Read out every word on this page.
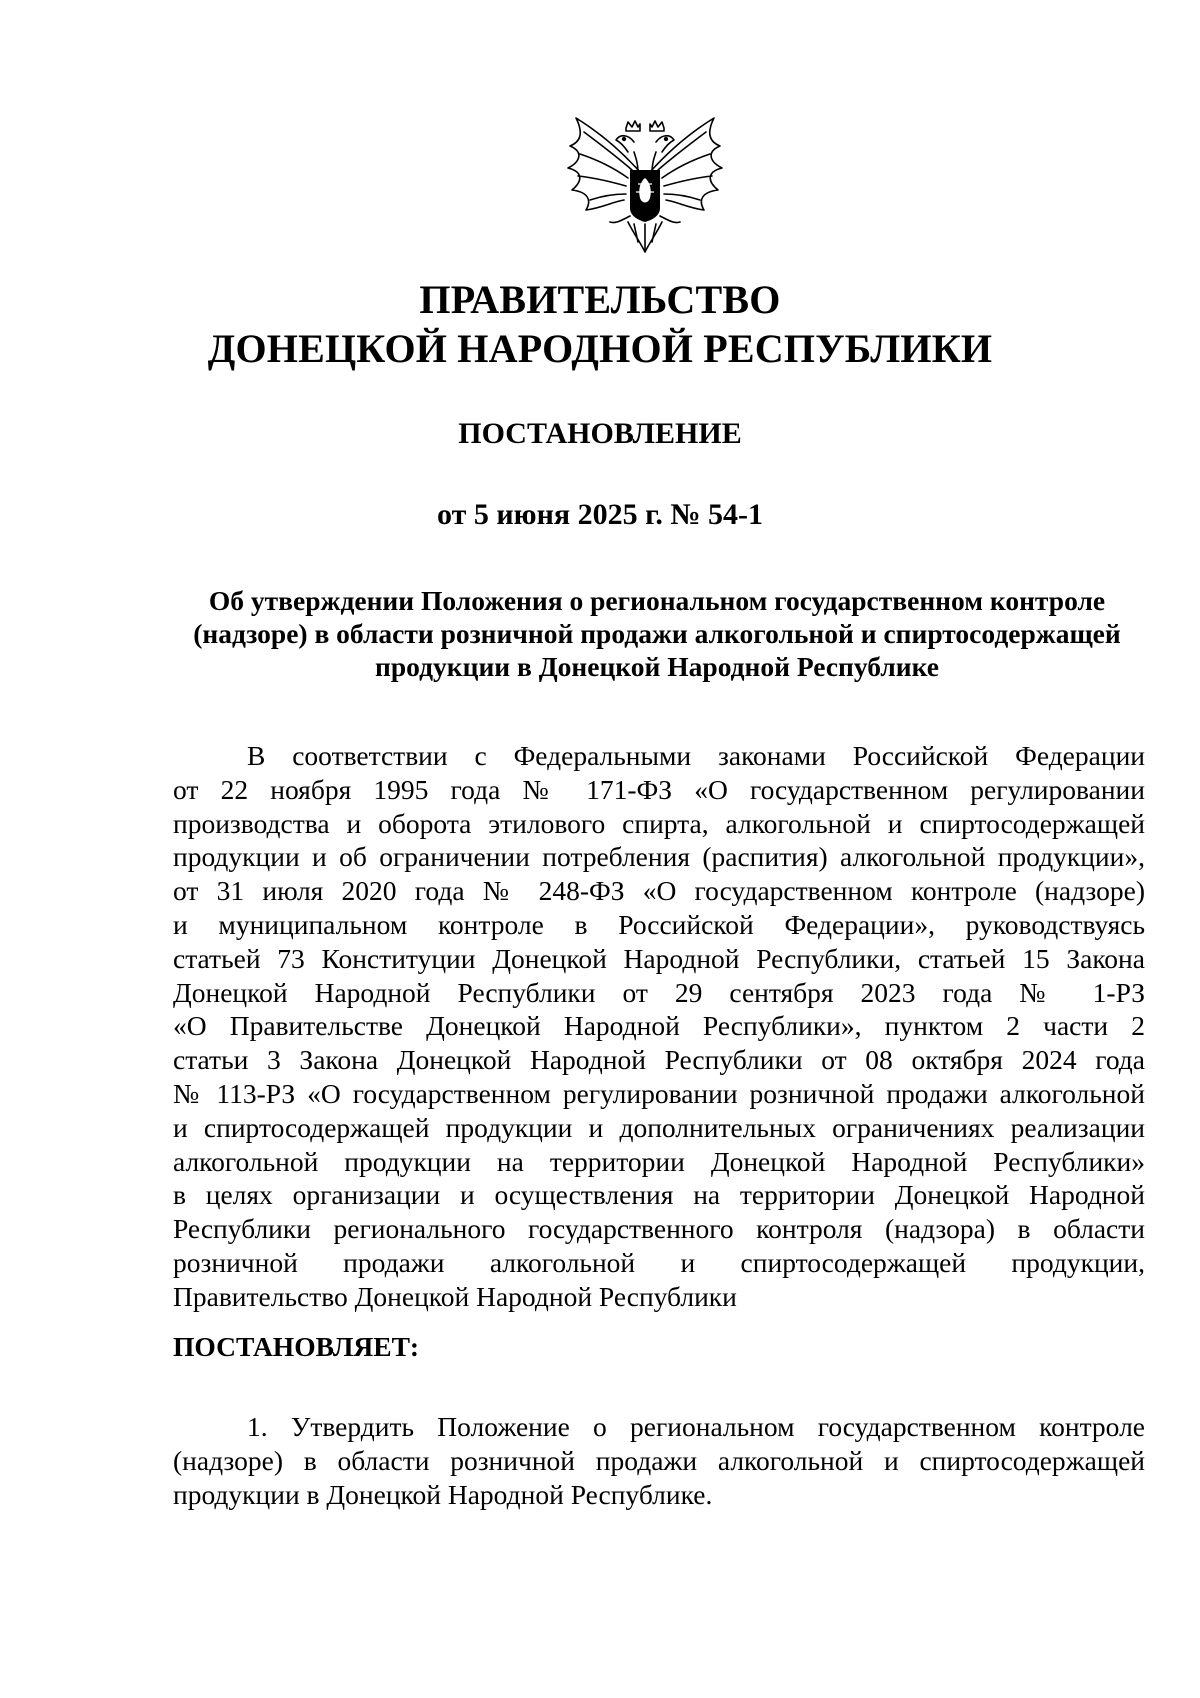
ПРАВИТЕЛЬСТВО
ДОНЕЦКОЙ НАРОДНОЙ РЕСПУБЛИКИ
ПОСТАНОВЛЕНИЕ
от 5 июня 2025 г. № 54-1
Об утверждении Положения о региональном государственном контроле
(надзоре) в области розничной продажи алкогольной и спиртосодержащей
продукции в Донецкой Народной Республике
В соответствии с Федеральными законами Российской Федерации
от 22 ноября 1995 года № 171-ФЗ «О государственном регулировании
производства и оборота этилового спирта, алкогольной и спиртосодержащей
продукции и об ограничении потребления (распития) алкогольной продукции»,
от 31 июля 2020 года № 248-ФЗ «О государственном контроле (надзоре)
и муниципальном контроле в Российской Федерации», руководствуясь
статьей 73 Конституции Донецкой Народной Республики, статьей 15 Закона
Донецкой Народной Республики от 29 сентября 2023 года № 1-РЗ
«О Правительстве Донецкой Народной Республики», пунктом 2 части 2
статьи 3 Закона Донецкой Народной Республики от 08 октября 2024 года
№ 113-РЗ «О государственном регулировании розничной продажи алкогольной
и спиртосодержащей продукции и дополнительных ограничениях реализации
алкогольной продукции на территории Донецкой Народной Республики»
в целях организации и осуществления на территории Донецкой Народной
Республики регионального государственного контроля (надзора) в области
розничной продажи алкогольной и спиртосодержащей продукции,
Правительство Донецкой Народной Республики
ПОСТАНОВЛЯЕТ:
1. Утвердить Положение о региональном государственном контроле
(надзоре) в области розничной продажи алкогольной и спиртосодержащей
продукции в Донецкой Народной Республике.
